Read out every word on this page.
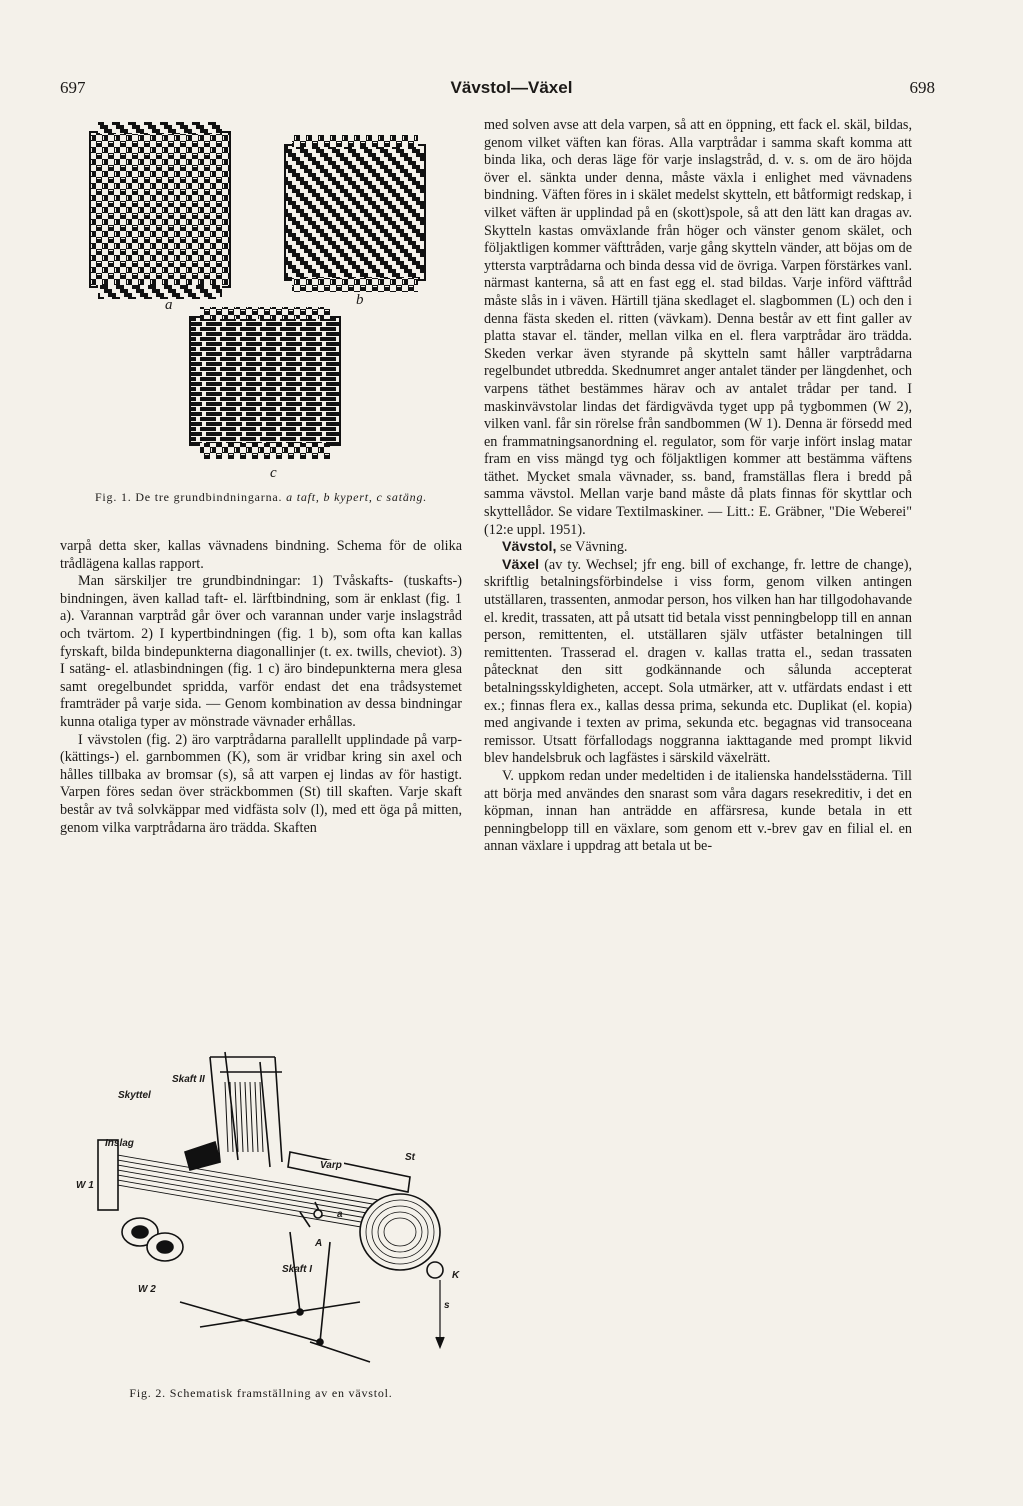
697	Vävstol—Växel	698
a	b
c
Fig. 1. De tre grundbindningarna. a taft, b kypert, c satäng.

varpå detta sker, kallas vävnadens bindning. Schema för de olika trådlägena kallas rapport.

Man särskiljer tre grundbindningar: 1) Tvåskafts- (tuskafts-) bindningen, även kallad taft- el. lärftbindning, som är enklast (fig. 1 a). Varannan varptråd går över och varannan under varje inslagstråd och tvärtom. 2) I kypertbindningen (fig. 1 b), som ofta kan kallas fyrskaft, bilda bindepunkterna diagonallinjer (t. ex. twills, cheviot). 3) I satäng- el. atlasbindningen (fig. 1 c) äro bindepunkterna mera glesa samt oregelbundet spridda, varför endast det ena trådsystemet framträder på varje sida. — Genom kombination av dessa bindningar kunna otaliga typer av mönstrade vävnader erhållas.

I vävstolen (fig. 2) äro varptrådarna parallellt upplindade på varp- (kättings-) el. garnbommen (K), som är vridbar kring sin axel och hålles tillbaka av bromsar (s), så att varpen ej lindas av för hastigt. Varpen föres sedan över sträckbommen (St) till skaften. Varje skaft består av två solvkäppar med vidfästa solv (l), med ett öga på mitten, genom vilka varptrådarna äro trädda. Skaften

Skaft II
Skyttel
Inslag
W 1
Varp
St
a
A
Skaft I
W 2
K
s
Fig. 2. Schematisk framställning av en vävstol.

med solven avse att dela varpen, så att en öppning, ett fack el. skäl, bildas, genom vilket väften kan föras. Alla varptrådar i samma skaft komma att binda lika, och deras läge för varje inslagstråd, d. v. s. om de äro höjda över el. sänkta under denna, måste växla i enlighet med vävnadens bindning. Väften föres in i skälet medelst skytteln, ett båtformigt redskap, i vilket väften är upplindad på en (skott)spole, så att den lätt kan dragas av. Skytteln kastas omväxlande från höger och vänster genom skälet, och följaktligen kommer väfttråden, varje gång skytteln vänder, att böjas om de yttersta varptrådarna och binda dessa vid de övriga. Varpen förstärkes vanl. närmast kanterna, så att en fast egg el. stad bildas. Varje införd väfttråd måste slås in i väven. Härtill tjäna skedlaget el. slagbommen (L) och den i denna fästa skeden el. ritten (vävkam). Denna består av ett fint galler av platta stavar el. tänder, mellan vilka en el. flera varptrådar äro trädda. Skeden verkar även styrande på skytteln samt håller varptrådarna regelbundet utbredda. Skednumret anger antalet tänder per längdenhet, och varpens täthet bestämmes härav och av antalet trådar per tand. I maskinvävstolar lindas det färdigvävda tyget upp på tygbommen (W 2), vilken vanl. får sin rörelse från sandbommen (W 1). Denna är försedd med en frammatningsanordning el. regulator, som för varje infört inslag matar fram en viss mängd tyg och följaktligen kommer att bestämma väftens täthet. Mycket smala vävnader, ss. band, framställas flera i bredd på samma vävstol. Mellan varje band måste då plats finnas för skyttlar och skyttellådor. Se vidare Textilmaskiner. — Litt.: E. Gräbner, "Die Weberei" (12:e uppl. 1951).

Vävstol, se Vävning.

Växel (av ty. Wechsel; jfr eng. bill of exchange, fr. lettre de change), skriftlig betalningsförbindelse i viss form, genom vilken antingen utställaren, trassenten, anmodar person, hos vilken han har tillgodohavande el. kredit, trassaten, att på utsatt tid betala visst penningbelopp till en annan person, remittenten, el. utställaren själv utfäster betalningen till remittenten. Trasserad el. dragen v. kallas tratta el., sedan trassaten påtecknat den sitt godkännande och sålunda accepterat betalningsskyldigheten, accept. Sola utmärker, att v. utfärdats endast i ett ex.; finnas flera ex., kallas dessa prima, sekunda etc. Duplikat (el. kopia) med angivande i texten av prima, sekunda etc. begagnas vid transoceana remissor. Utsatt förfallodags noggranna iakttagande med prompt likvid blev handelsbruk och lagfästes i särskild växelrätt.

V. uppkom redan under medeltiden i de italienska handelsstäderna. Till att börja med användes den snarast som våra dagars resekreditiv, i det en köpman, innan han anträdde en affärsresa, kunde betala in ett penningbelopp till en växlare, som genom ett v.-brev gav en filial el. en annan växlare i uppdrag att betala ut be-
